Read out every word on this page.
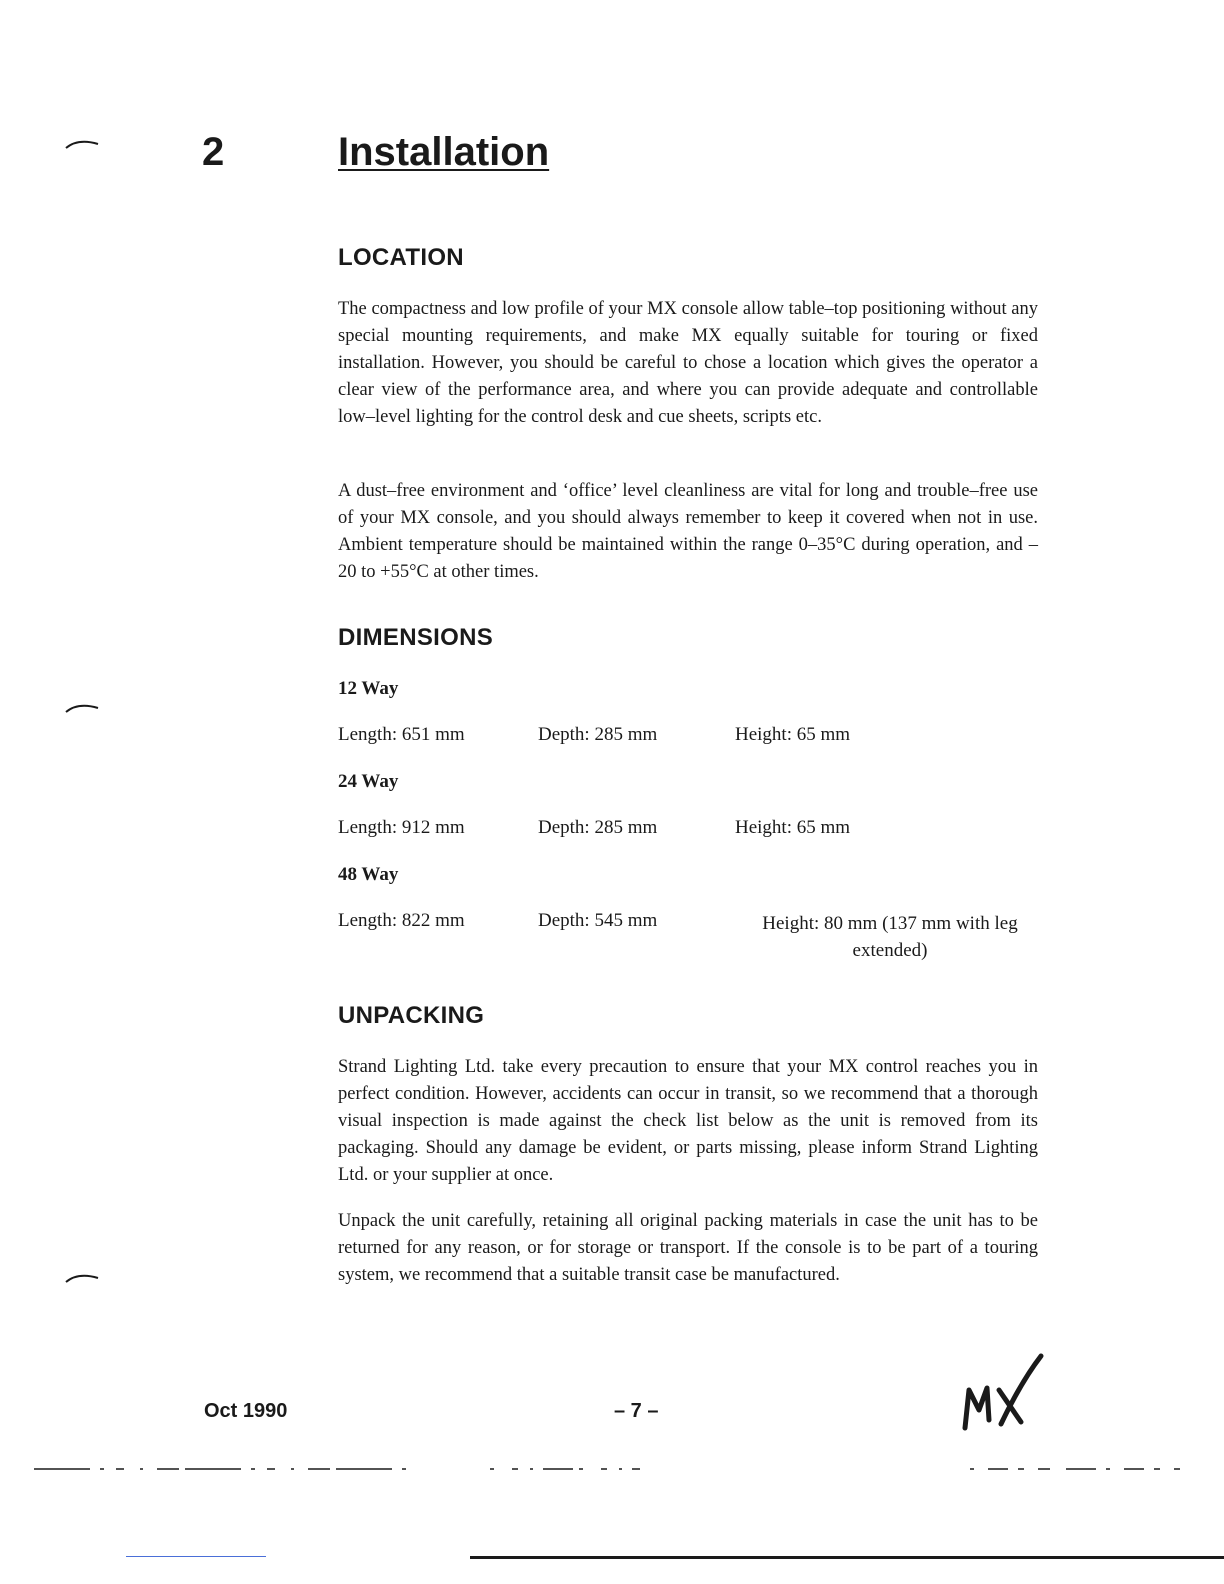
2	Installation
LOCATION

The compactness and low profile of your MX console allow table–top positioning without any special mounting requirements, and make MX equally suitable for touring or fixed installation. However, you should be careful to chose a location which gives the operator a clear view of the performance area, and where you can provide adequate and controllable low–level lighting for the control desk and cue sheets, scripts etc.

A dust–free environment and ‘office’ level cleanliness are vital for long and trouble–free use of your MX console, and you should always remember to keep it covered when not in use. Ambient temperature should be maintained within the range 0–35°C during operation, and –20 to +55°C at other times.

DIMENSIONS
12 Way
Length: 651 mm	Depth: 285 mm	Height: 65 mm
24 Way
Length: 912 mm	Depth: 285 mm	Height: 65 mm
48 Way
Length: 822 mm	Depth: 545 mm	Height: 80 mm (137 mm with leg extended)
UNPACKING

Strand Lighting Ltd. take every precaution to ensure that your MX control reaches you in perfect condition. However, accidents can occur in transit, so we recommend that a thorough visual inspection is made against the check list below as the unit is removed from its packaging. Should any damage be evident, or parts missing, please inform Strand Lighting Ltd. or your supplier at once.

Unpack the unit carefully, retaining all original packing materials in case the unit has to be returned for any reason, or for storage or transport. If the console is to be part of a touring system, we recommend that a suitable transit case be manufactured.

Oct 1990	– 7 –
